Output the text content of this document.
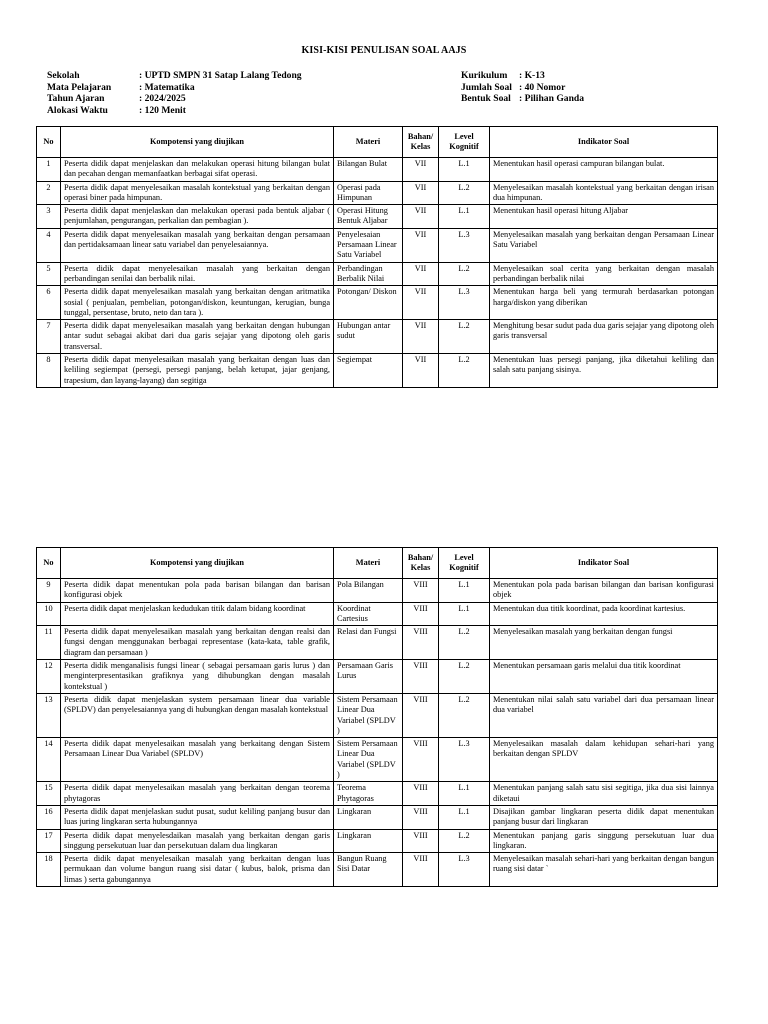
KISI-KISI PENULISAN SOAL AAJS
Sekolah	: UPTD SMPN 31 Satap Lalang Tedong
Mata Pelajaran	: Matematika
Tahun Ajaran	: 2024/2025
Alokasi Waktu	: 120 Menit
Kurikulum : K-13
Jumlah Soal : 40 Nomor
Bentuk Soal : Pilihan Ganda
No	Kompotensi yang diujikan	Materi	Bahan/ Kelas	Level Kognitif	Indikator Soal
1	Peserta didik dapat menjelaskan dan melakukan operasi hitung bilangan bulat dan pecahan dengan memanfaatkan berbagai sifat operasi.	Bilangan Bulat	VII	L.1	Menentukan hasil operasi campuran bilangan bulat.
2	Peserta didik dapat menyelesaikan masalah kontekstual yang berkaitan dengan operasi biner pada himpunan.	Operasi pada Himpunan	VII	L.2	Menyelesaikan masalah kontekstual yang berkaitan dengan irisan dua himpunan.
3	Peserta didik dapat menjelaskan dan melakukan operasi pada bentuk aljabar ( penjumlahan, pengurangan, perkalian dan pembagian ).	Operasi Hitung Bentuk Aljabar	VII	L.1	Menentukan hasil operasi hitung Aljabar
4	Peserta didik dapat menyelesaikan masalah yang berkaitan dengan persamaan dan pertidaksamaan linear satu variabel dan penyelesaiannya.	Penyelesaian Persamaan Linear Satu Variabel	VII	L.3	Menyelesaikan masalah yang berkaitan dengan Persamaan Linear Satu Variabel
5	Peserta didik dapat menyelesaikan masalah yang berkaitan dengan perbandingan senilai dan berbalik nilai.	Perbandingan Berbalik Nilai	VII	L.2	Menyelesaikan soal cerita yang berkaitan dengan masalah perbandingan berbalik nilai
6	Peserta didik dapat menyelesaikan masalah yang berkaitan dengan aritmatika sosial ( penjualan, pembelian, potongan/diskon, keuntungan, kerugian, bunga tunggal, persentase, bruto, neto dan tara ).	Potongan/ Diskon	VII	L.3	Menentukan harga beli yang termurah berdasarkan potongan harga/diskon yang diberikan
7	Peserta didik dapat menyelesaikan masalah yang berkaitan dengan hubungan antar sudut sebagai akibat dari dua garis sejajar yang dipotong oleh garis transversal.	Hubungan antar sudut	VII	L.2	Menghitung besar sudut pada dua garis sejajar yang dipotong oleh garis transversal
8	Peserta didik dapat menyelesaikan masalah yang berkaitan dengan luas dan keliling segiempat (persegi, persegi panjang, belah ketupat, jajar genjang, trapesium, dan layang-layang) dan segitiga	Segiempat	VII	L.2	Menentukan luas persegi panjang, jika diketahui keliling dan salah satu panjang sisinya.
No	Kompotensi yang diujikan	Materi	Bahan/ Kelas	Level Kognitif	Indikator Soal
9	Peserta didik dapat menentukan pola pada barisan bilangan dan barisan konfigurasi objek	Pola Bilangan	VIII	L.1	Menentukan pola pada barisan bilangan dan barisan konfigurasi objek
10	Peserta didik dapat menjelaskan kedudukan titik dalam bidang koordinat	Koordinat Cartesius	VIII	L.1	Menentukan dua titik koordinat, pada koordinat kartesius.
11	Peserta didik dapat menyelesaikan masalah yang berkaitan dengan realsi dan fungsi dengan menggunakan berbagai representase (kata-kata, table grafik, diagram dan persamaan )	Relasi dan Fungsi	VIII	L.2	Menyelesaikan masalah yang berkaitan dengan fungsi
12	Peserta didik menganalisis fungsi linear ( sebagai persamaan garis lurus ) dan menginterpresentasikan grafiknya yang dihubungkan dengan masalah kontekstual )	Persamaan Garis Lurus	VIII	L.2	Menentukan persamaan garis melalui dua titik koordinat
13	Peserta didik dapat menjelaskan system persamaan linear dua variable (SPLDV) dan penyelesaiannya yang di hubungkan dengan masalah kontekstual	Sistem Persamaan Linear Dua Variabel (SPLDV )	VIII	L.2	Menentukan nilai salah satu variabel dari dua persamaan linear dua variabel
14	Peserta didik dapat menyelesaikan masalah yang berkaitang dengan Sistem Persamaan Linear Dua Variabel (SPLDV)	Sistem Persamaan Linear Dua Variabel (SPLDV )	VIII	L.3	Menyelesaikan masalah dalam kehidupan sehari-hari yang berkaitan dengan SPLDV
15	Peserta didik dapat menyelesaikan masalah yang berkaitan dengan teorema phytagoras	Teorema Phytagoras	VIII	L.1	Menentukan panjang salah satu sisi segitiga, jika dua sisi lainnya diketaui
16	Peserta didik dapat menjelaskan sudut pusat, sudut keliling panjang busur dan luas juring lingkaran serta hubungannya	Lingkaran	VIII	L.1	Disajikan gambar lingkaran peserta didik dapat menentukan panjang busur dari lingkaran
17	Peserta didik dapat menyelesdaikan masalah yang berkaitan dengan garis singgung persekutuan luar dan persekutuan dalam dua lingkaran	Lingkaran	VIII	L.2	Menentukan panjang garis singgung persekutuan luar dua lingkaran.
18	Peserta didik dapat menyelesaikan masalah yang berkaitan dengan luas permukaan dan volume bangun ruang sisi datar ( kubus, balok, prisma dan limas ) serta gabungannya	Bangun Ruang Sisi Datar	VIII	L.3	Menyelesaikan masalah sehari-hari yang berkaitan dengan bangun ruang sisi datar `
